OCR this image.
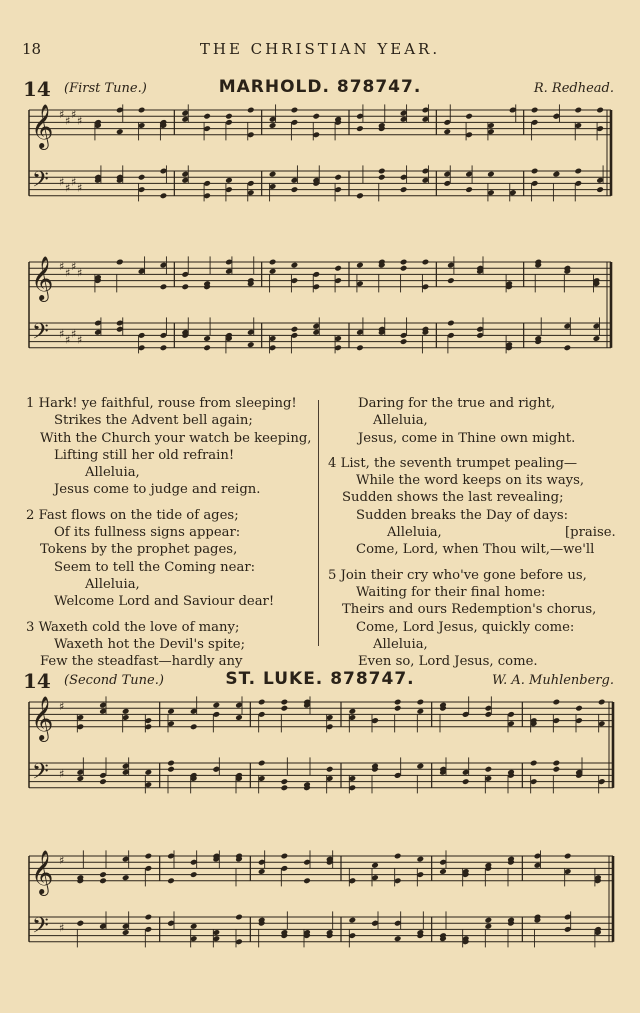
18	THE CHRISTIAN YEAR.
14 (First Tune.)	MARHOLD. 878747.	R. Redhead.
𝄞
𝄢
♯
♯
♯
♯
♯
♯
♯
♯
𝄞
𝄢
♯
♯
♯
♯
♯
♯
♯
♯
𝄞
𝄢
♯
♯
𝄞
𝄢
♯
♯
1 Hark! ye faithful, rouse from sleeping!
Strikes the Advent bell again;
With the Church your watch be keeping,
Lifting still her old refrain!
Alleluia,
Jesus come to judge and reign.
2 Fast flows on the tide of ages;
Of its fullness signs appear:
Tokens by the prophet pages,
Seem to tell the Coming near:
Alleluia,
Welcome Lord and Saviour dear!
3 Waxeth cold the love of many;
Waxeth hot the Devil's spite;
Few the steadfast—hardly any
Daring for the true and right,
Alleluia,
Jesus, come in Thine own might.
4 List, the seventh trumpet pealing—
While the word keeps on its ways,
Sudden shows the last revealing;
Sudden breaks the Day of days:
Alleluia,	[praise.
Come, Lord, when Thou wilt,—we'll
5 Join their cry who've gone before us,
Waiting for their final home:
Theirs and ours Redemption's chorus,
Come, Lord Jesus, quickly come:
Alleluia,
Even so, Lord Jesus, come.
14 (Second Tune.)	ST. LUKE. 878747.	W. A. Muhlenberg.
